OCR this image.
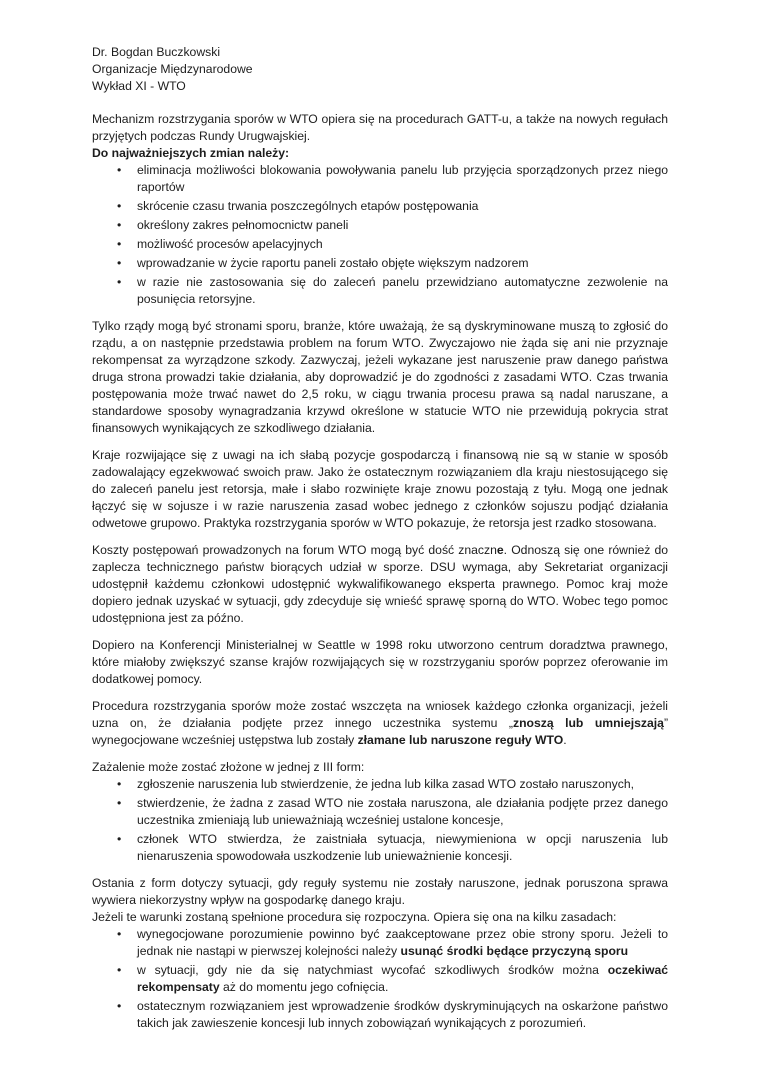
Dr. Bogdan Buczkowski
Organizacje Międzynarodowe
Wykład XI - WTO

Mechanizm rozstrzygania sporów w WTO opiera się na procedurach GATT-u, a także na nowych regułach przyjętych podczas Rundy Urugwajskiej.

Do najważniejszych zmian należy:

•	eliminacja możliwości blokowania powoływania panelu lub przyjęcia sporządzonych przez niego raportów
•	skrócenie czasu trwania poszczególnych etapów postępowania
•	określony zakres pełnomocnictw paneli
•	możliwość procesów apelacyjnych
•	wprowadzanie w życie raportu paneli zostało objęte większym nadzorem
•	w razie nie zastosowania się do zaleceń panelu przewidziano automatyczne zezwolenie na posunięcia retorsyjne.

Tylko rządy mogą być stronami sporu, branże, które uważają, że są dyskryminowane muszą to zgłosić do rządu, a on następnie przedstawia problem na forum WTO. Zwyczajowo nie żąda się ani nie przyznaje rekompensat za wyrządzone szkody. Zazwyczaj, jeżeli wykazane jest naruszenie praw danego państwa druga strona prowadzi takie działania, aby doprowadzić je do zgodności z zasadami WTO. Czas trwania postępowania może trwać nawet do 2,5 roku, w ciągu trwania procesu prawa są nadal naruszane, a standardowe sposoby wynagradzania krzywd określone w statucie WTO nie przewidują pokrycia strat finansowych wynikających ze szkodliwego działania.

Kraje rozwijające się z uwagi na ich słabą pozycje gospodarczą i finansową nie są w stanie w sposób zadowalający egzekwować swoich praw. Jako że ostatecznym rozwiązaniem dla kraju niestosującego się do zaleceń panelu jest retorsja, małe i słabo rozwinięte kraje znowu pozostają z tyłu. Mogą one jednak łączyć się w sojusze i w razie naruszenia zasad wobec jednego z członków sojuszu podjąć działania odwetowe grupowo. Praktyka rozstrzygania sporów w WTO pokazuje, że retorsja jest rzadko stosowana.

Koszty postępowań prowadzonych na forum WTO mogą być dość znaczne. Odnoszą się one również do zaplecza technicznego państw biorących udział w sporze. DSU wymaga, aby Sekretariat organizacji udostępnił każdemu członkowi udostępnić wykwalifikowanego eksperta prawnego. Pomoc kraj może dopiero jednak uzyskać w sytuacji, gdy zdecyduje się wnieść sprawę sporną do WTO. Wobec tego pomoc udostępniona jest za późno.

Dopiero na Konferencji Ministerialnej w Seattle w 1998 roku utworzono centrum doradztwa prawnego, które miałoby zwiększyć szanse krajów rozwijających się w rozstrzyganiu sporów poprzez oferowanie im dodatkowej pomocy.

Procedura rozstrzygania sporów może zostać wszczęta na wniosek każdego członka organizacji, jeżeli uzna on, że działania podjęte przez innego uczestnika systemu „znoszą lub umniejszają” wynegocjowane wcześniej ustępstwa lub zostały złamane lub naruszone reguły WTO.

Zażalenie może zostać złożone w jednej z III form:

•	zgłoszenie naruszenia lub stwierdzenie, że jedna lub kilka zasad WTO zostało naruszonych,
•	stwierdzenie, że żadna z zasad WTO nie została naruszona, ale działania podjęte przez danego uczestnika zmieniają lub unieważniają wcześniej ustalone koncesje,
•	członek WTO stwierdza, że zaistniała sytuacja, niewymieniona w opcji naruszenia lub nienaruszenia spowodowała uszkodzenie lub unieważnienie koncesji.

Ostania z form dotyczy sytuacji, gdy reguły systemu nie zostały naruszone, jednak poruszona sprawa wywiera niekorzystny wpływ na gospodarkę danego kraju.

Jeżeli te warunki zostaną spełnione procedura się rozpoczyna. Opiera się ona na kilku zasadach:

•	wynegocjowane porozumienie powinno być zaakceptowane przez obie strony sporu. Jeżeli to jednak nie nastąpi w pierwszej kolejności należy usunąć środki będące przyczyną sporu
•	w sytuacji, gdy nie da się natychmiast wycofać szkodliwych środków można oczekiwać rekompensaty aż do momentu jego cofnięcia.
•	ostatecznym rozwiązaniem jest wprowadzenie środków dyskryminujących na oskarżone państwo takich jak zawieszenie koncesji lub innych zobowiązań wynikających z porozumień.
